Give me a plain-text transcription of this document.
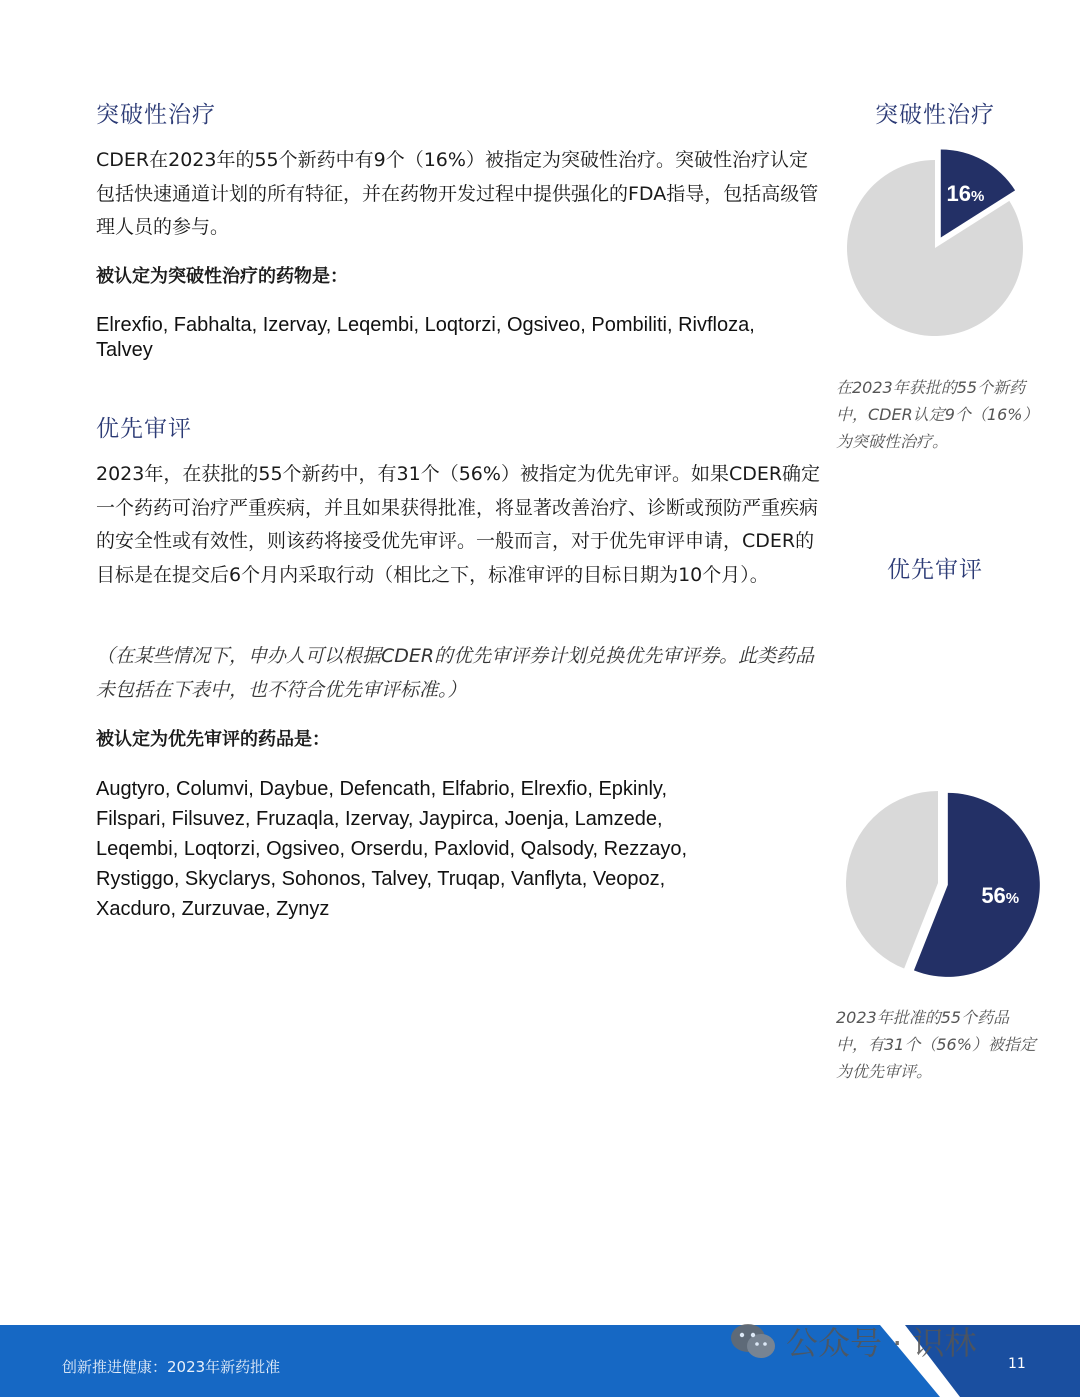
突破性治疗

CDER在2023年的55个新药中有9个（16%）被指定为突破性治疗。突破性治疗认定包括快速通道计划的所有特征，并在药物开发过程中提供强化的FDA指导，包括高级管理人员的参与。

被认定为突破性治疗的药物是：

Elrexfio, Fabhalta, Izervay, Leqembi, Loqtorzi, Ogsiveo, Pombiliti, Rivfloza, Talvey

优先审评

2023年，在获批的55个新药中，有31个（56%）被指定为优先审评。如果CDER确定一个药药可治疗严重疾病，并且如果获得批准，将显著改善治疗、诊断或预防严重疾病的安全性或有效性，则该药将接受优先审评。一般而言，对于优先审评申请，CDER的目标是在提交后6个月内采取行动（相比之下，标准审评的目标日期为10个月）。

（在某些情况下，申办人可以根据CDER的优先审评券计划兑换优先审评券。此类药品未包括在下表中，也不符合优先审评标准。）

被认定为优先审评的药品是：

Augtyro, Columvi, Daybue, Defencath, Elfabrio, Elrexfio, Epkinly, Filspari, Filsuvez, Fruzaqla, Izervay, Jaypirca, Joenja, Lamzede, Leqembi, Loqtorzi, Ogsiveo, Orserdu, Paxlovid, Qalsody, Rezzayo, Rystiggo, Skyclarys, Sohonos, Talvey, Truqap, Vanflyta, Veopoz, Xacduro, Zurzuvae, Zynyz

突破性治疗
16%
在2023年获批的55个新药中，CDER认定9个（16%）为突破性治疗。
优先审评
56%
2023年批准的55个药品中，有31个（56%）被指定为优先审评。
创新推进健康：2023年新药批准	11
公众号 · 识林
